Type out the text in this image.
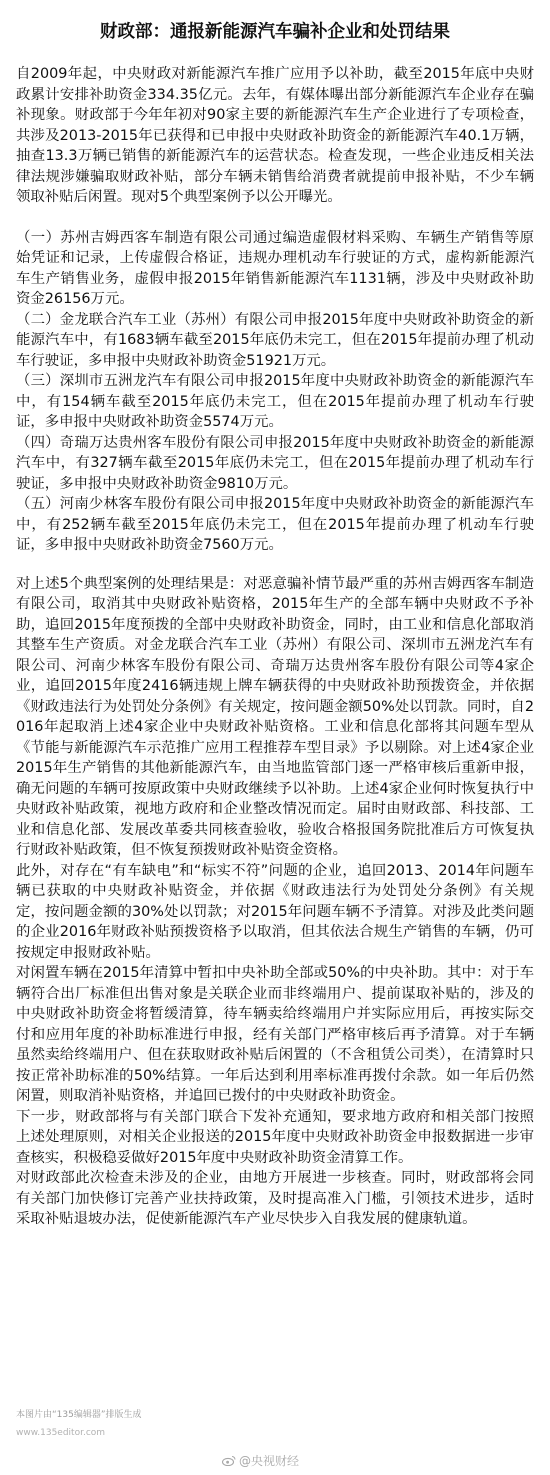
财政部：通报新能源汽车骗补企业和处罚结果

自2009年起，中央财政对新能源汽车推广应用予以补助，截至2015年底中央财政累计安排补助资金334.35亿元。去年，有媒体曝出部分新能源汽车企业存在骗补现象。财政部于今年年初对90家主要的新能源汽车生产企业进行了专项检查，共涉及2013-2015年已获得和已申报中央财政补助资金的新能源汽车40.1万辆，抽查13.3万辆已销售的新能源汽车的运营状态。检查发现，一些企业违反相关法律法规涉嫌骗取财政补贴，部分车辆未销售给消费者就提前申报补贴，不少车辆领取补贴后闲置。现对5个典型案例予以公开曝光。

（一）苏州吉姆西客车制造有限公司通过编造虚假材料采购、车辆生产销售等原始凭证和记录，上传虚假合格证，违规办理机动车行驶证的方式，虚构新能源汽车生产销售业务，虚假申报2015年销售新能源汽车1131辆，涉及中央财政补助资金26156万元。

（二）金龙联合汽车工业（苏州）有限公司申报2015年度中央财政补助资金的新能源汽车中，有1683辆车截至2015年底仍未完工，但在2015年提前办理了机动车行驶证，多申报中央财政补助资金51921万元。

（三）深圳市五洲龙汽车有限公司申报2015年度中央财政补助资金的新能源汽车中，有154辆车截至2015年底仍未完工，但在2015年提前办理了机动车行驶证，多申报中央财政补助资金5574万元。

（四）奇瑞万达贵州客车股份有限公司申报2015年度中央财政补助资金的新能源汽车中，有327辆车截至2015年底仍未完工，但在2015年提前办理了机动车行驶证，多申报中央财政补助资金9810万元。

（五）河南少林客车股份有限公司申报2015年度中央财政补助资金的新能源汽车中，有252辆车截至2015年底仍未完工，但在2015年提前办理了机动车行驶证，多申报中央财政补助资金7560万元。

对上述5个典型案例的处理结果是：对恶意骗补情节最严重的苏州吉姆西客车制造有限公司，取消其中央财政补贴资格，2015年生产的全部车辆中央财政不予补助，追回2015年度预拨的全部中央财政补助资金，同时，由工业和信息化部取消其整车生产资质。对金龙联合汽车工业（苏州）有限公司、深圳市五洲龙汽车有限公司、河南少林客车股份有限公司、奇瑞万达贵州客车股份有限公司等4家企业，追回2015年度2416辆违规上牌车辆获得的中央财政补助预拨资金，并依据《财政违法行为处罚处分条例》有关规定，按问题金额50%处以罚款。同时，自2016年起取消上述4家企业中央财政补贴资格。工业和信息化部将其问题车型从《节能与新能源汽车示范推广应用工程推荐车型目录》予以剔除。对上述4家企业2015年生产销售的其他新能源汽车，由当地监管部门逐一严格审核后重新申报，确无问题的车辆可按原政策中央财政继续予以补助。上述4家企业何时恢复执行中央财政补贴政策，视地方政府和企业整改情况而定。届时由财政部、科技部、工业和信息化部、发展改革委共同核查验收，验收合格报国务院批准后方可恢复执行财政补贴政策，但不恢复预拨财政补贴资金资格。

此外，对存在“有车缺电”和“标实不符”问题的企业，追回2013、2014年问题车辆已获取的中央财政补贴资金，并依据《财政违法行为处罚处分条例》有关规定，按问题金额的30%处以罚款；对2015年问题车辆不予清算。对涉及此类问题的企业2016年财政补贴预拨资格予以取消，但其依法合规生产销售的车辆，仍可按规定申报财政补贴。

对闲置车辆在2015年清算中暂扣中央补助全部或50%的中央补助。其中：对于车辆符合出厂标准但出售对象是关联企业而非终端用户、提前谋取补贴的，涉及的中央财政补助资金将暂缓清算，待车辆卖给终端用户并实际应用后，再按实际交付和应用年度的补助标准进行申报，经有关部门严格审核后再予清算。对于车辆虽然卖给终端用户、但在获取财政补贴后闲置的（不含租赁公司类），在清算时只按正常补助标准的50%结算。一年后达到利用率标准再拨付余款。如一年后仍然闲置，则取消补贴资格，并追回已拨付的中央财政补助资金。

下一步，财政部将与有关部门联合下发补充通知，要求地方政府和相关部门按照上述处理原则，对相关企业报送的2015年度中央财政补助资金申报数据进一步审查核实，积极稳妥做好2015年度中央财政补助资金清算工作。

对财政部此次检查未涉及的企业，由地方开展进一步核查。同时，财政部将会同有关部门加快修订完善产业扶持政策，及时提高准入门槛，引领技术进步，适时采取补贴退坡办法，促使新能源汽车产业尽快步入自我发展的健康轨道。

本图片由“135编辑器”排版生成
www.135editor.com
@央视财经
